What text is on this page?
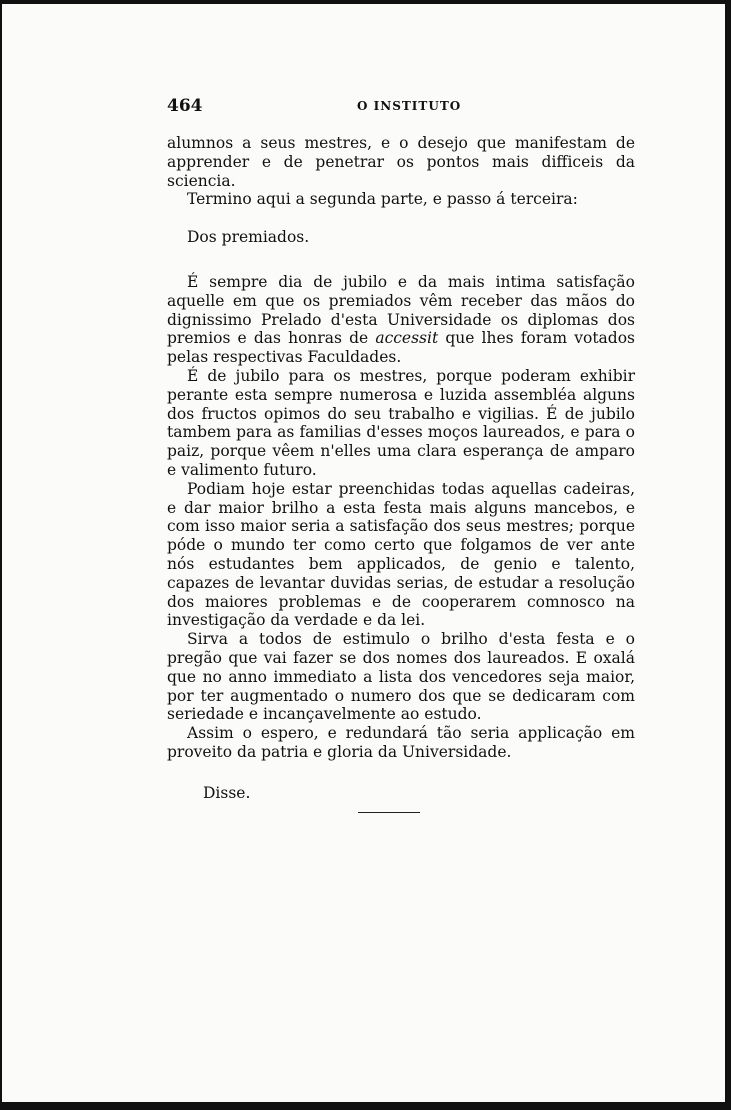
464	O INSTITUTO

alumnos a seus mestres, e o desejo que manifestam de apprender e de penetrar os pontos mais difficeis da sciencia.

Termino aqui a segunda parte, e passo á terceira:

Dos premiados.

É sempre dia de jubilo e da mais intima satisfação aquelle em que os premiados vêm receber das mãos do dignissimo Prelado d'esta Universidade os diplomas dos premios e das honras de accessit que lhes foram votados pelas respectivas Faculdades.

É de jubilo para os mestres, porque poderam exhibir perante esta sempre numerosa e luzida assembléa alguns dos fructos opimos do seu trabalho e vigilias. É de jubilo tambem para as familias d'esses moços laureados, e para o paiz, porque vêem n'elles uma clara esperança de amparo e valimento futuro.

Podiam hoje estar preenchidas todas aquellas cadeiras, e dar maior brilho a esta festa mais alguns mancebos, e com isso maior seria a satisfação dos seus mestres; porque póde o mundo ter como certo que folgamos de ver ante nós estudantes bem applicados, de genio e talento, capazes de levantar duvidas serias, de estudar a resolução dos maiores problemas e de cooperarem comnosco na investigação da verdade e da lei.

Sirva a todos de estimulo o brilho d'esta festa e o pregão que vai fazer se dos nomes dos laureados. E oxalá que no anno immediato a lista dos vencedores seja maior, por ter augmentado o numero dos que se dedicaram com seriedade e incançavelmente ao estudo.

Assim o espero, e redundará tão seria applicação em proveito da patria e gloria da Universidade.

Disse.
